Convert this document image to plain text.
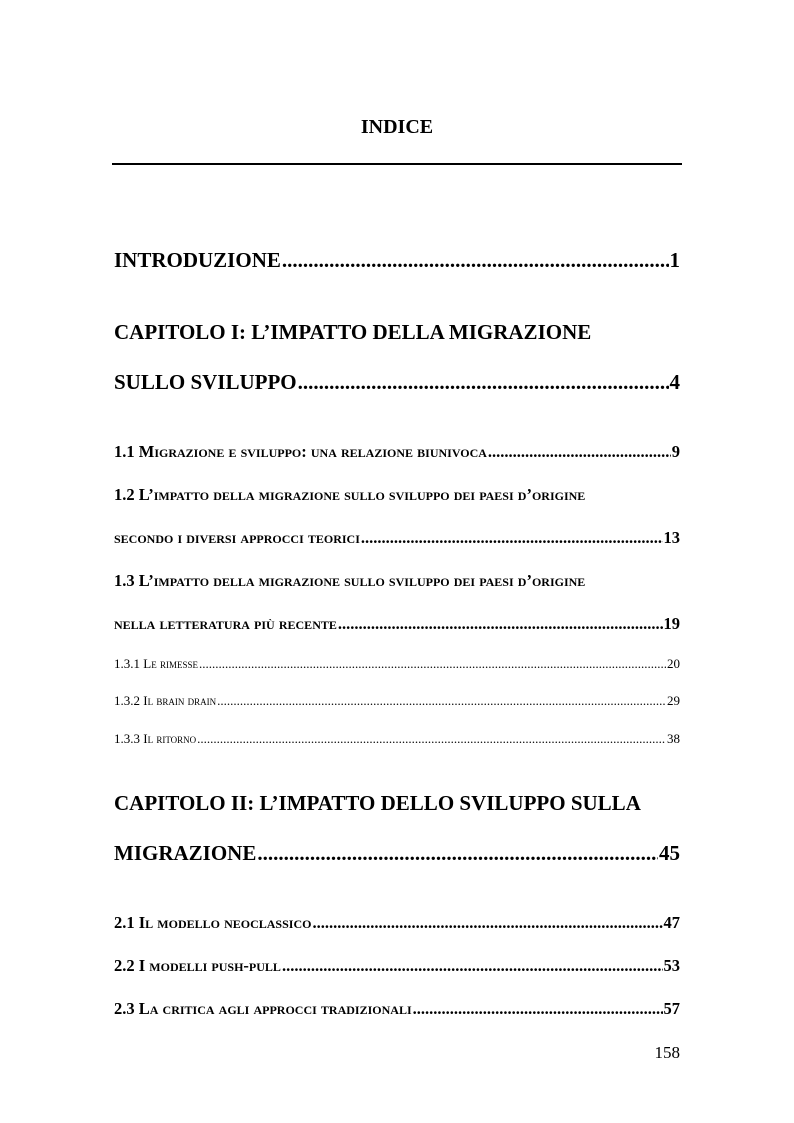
INDICE
INTRODUZIONE .....	1
CAPITOLO I: L’IMPATTO DELLA MIGRAZIONE
SULLO SVILUPPO .....	4
1.1 Migrazione e sviluppo: una relazione biunivoca .....	9
1.2 L’impatto della migrazione sullo sviluppo dei paesi d’origine
secondo i diversi approcci teorici .....	13
1.3 L’impatto della migrazione sullo sviluppo dei paesi d’origine
nella letteratura più recente .....	19
1.3.1 Le rimesse .....	20
1.3.2 Il brain drain .....	29
1.3.3 Il ritorno .....	38
CAPITOLO II: L’IMPATTO DELLO SVILUPPO SULLA
MIGRAZIONE .....	45
2.1 Il modello neoclassico .....	47
2.2 I modelli push-pull .....	53
2.3 La critica agli approcci tradizionali .....	57
158
